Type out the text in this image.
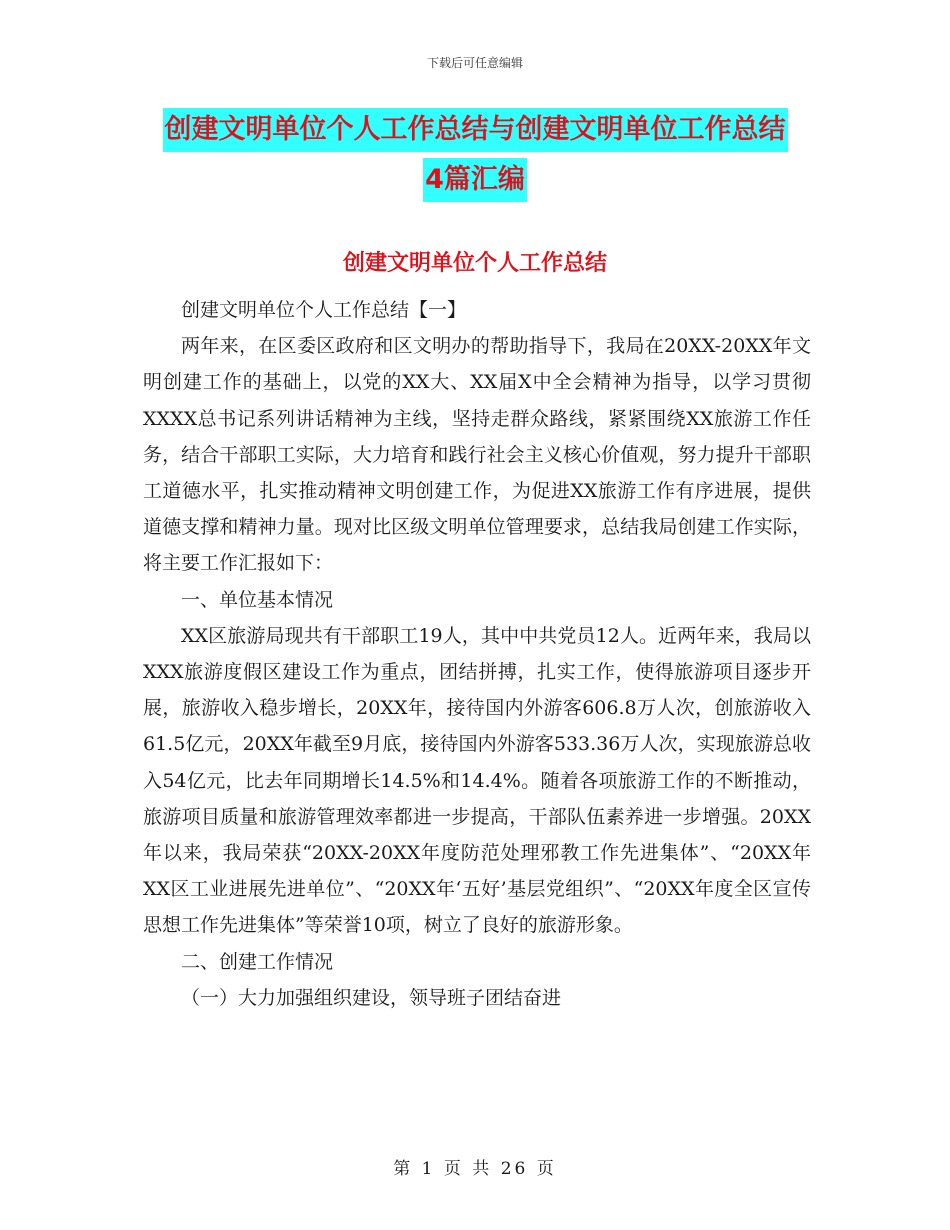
下载后可任意编辑
创建文明单位个人工作总结与创建文明单位工作总结
4篇汇编
创建文明单位个人工作总结

创建文明单位个人工作总结【一】

两年来，在区委区政府和区文明办的帮助指导下，我局在20XX-20XX年文明创建工作的基础上，以党的XX大、XX届X中全会精神为指导，以学习贯彻XXXX总书记系列讲话精神为主线，坚持走群众路线，紧紧围绕XX旅游工作任务，结合干部职工实际，大力培育和践行社会主义核心价值观，努力提升干部职工道德水平，扎实推动精神文明创建工作，为促进XX旅游工作有序进展，提供道德支撑和精神力量。现对比区级文明单位管理要求，总结我局创建工作实际，将主要工作汇报如下：

一、单位基本情况

XX区旅游局现共有干部职工19人，其中中共党员12人。近两年来，我局以XXX旅游度假区建设工作为重点，团结拼搏，扎实工作，使得旅游项目逐步开展，旅游收入稳步增长，20XX年，接待国内外游客606.8万人次，创旅游收入61.5亿元，20XX年截至9月底，接待国内外游客533.36万人次，实现旅游总收入54亿元，比去年同期增长14.5%和14.4%。随着各项旅游工作的不断推动，旅游项目质量和旅游管理效率都进一步提高，干部队伍素养进一步增强。20XX年以来，我局荣获“20XX-20XX年度防范处理邪教工作先进集体”、“20XX年XX区工业进展先进单位”、“20XX年‘五好’基层党组织”、“20XX年度全区宣传思想工作先进集体”等荣誉10项，树立了良好的旅游形象。

二、创建工作情况

（一）大力加强组织建设，领导班子团结奋进

第 1 页 共 26 页
